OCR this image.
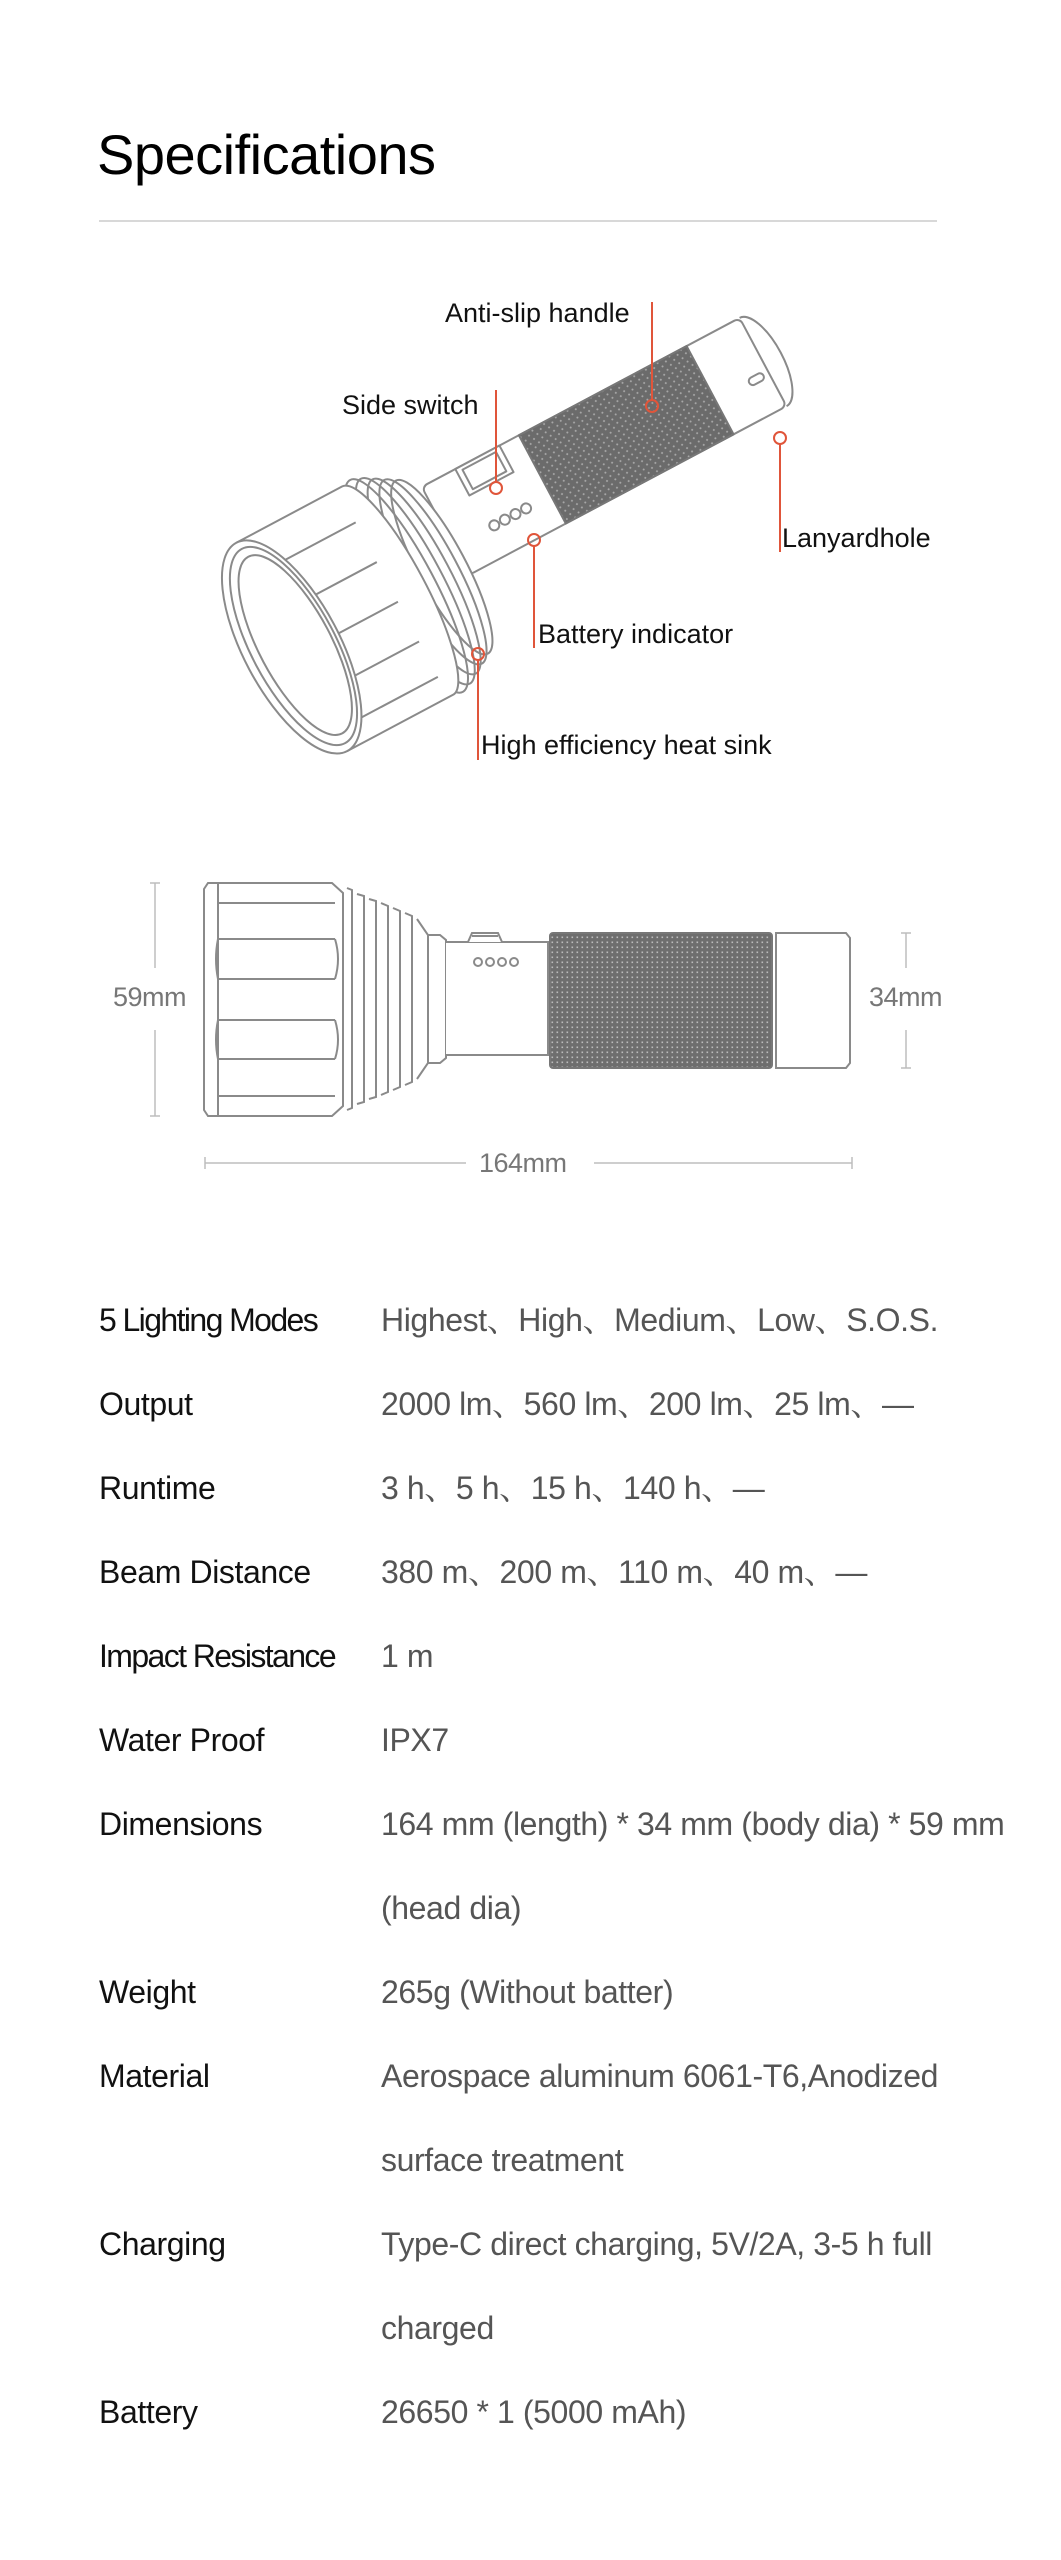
Specifications
Anti-slip handle
Side switch
Lanyardhole
Battery indicator
High efficiency heat sink
59mm	34mm
164mm
5 Lighting Modes	Highest、High、Medium、Low、S.O.S.
Output	2000 lm、560 lm、200 lm、25 lm、—
Runtime	3 h、5 h、15 h、140 h、—
Beam Distance	380 m、200 m、110 m、40 m、—
Impact Resistance	1 m
Water Proof	IPX7
Dimensions	164 mm (length) * 34 mm (body dia) * 59 mm (head dia)
Weight	265g (Without batter)
Material	Aerospace aluminum 6061-T6,Anodized surface treatment
Charging	Type-C direct charging, 5V/2A, 3-5 h full charged
Battery	26650 * 1 (5000 mAh)
